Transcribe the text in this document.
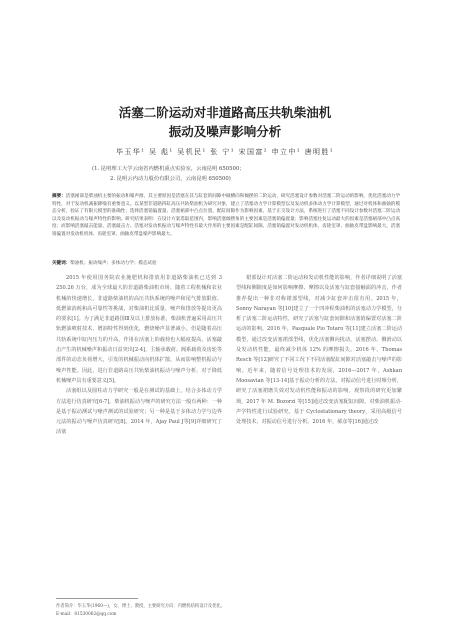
活塞二阶运动对非道路高压共轨柴油机
振动及噪声影响分析
毕玉华¹ 吴 彪¹ 吴机民¹ 张 宁¹ 宋国富² 申立中¹ 唐明胜¹
(1. 昆明理工大学云南省内燃机重点实验室，云南昆明 650500；
2. 昆明云内动力股份有限公司，云南昆明 650500)
摘要：活塞裙部是柴油机主要的振动和噪声源，其主要原因是活塞在其与缸套的间隙中做横向和倾摆的二阶运动，研究活塞设计参数对活塞二阶运动的影响，优化活塞动力学特性，对于发动机减振降噪有重要意义。以某型非道路四缸高压共轨柴油机为研究对象，建立了活塞动力学计算模型以及发动机多体动力学计算模型，通过对机体和曲轴的模态分析，验证了有限元模型的准确性；选择活塞销偏置量、活塞裙部中凸点位置、配缸间隙作为影响因素，基于正交设计方法，系统进行了活塞不同设计参数对活塞二阶运动以及发动机振动与噪声特性的影响。研究结果表明：在设计方案选取范围内，影响活塞倾摆角的主要因素是活塞销偏置量；影响活塞往复运动最大的因素是活塞裙部中凸点高度；而影响活塞敲击能量、活塞敲击力、活塞对发动机振动与噪声特性有最大作用的主要因素是配缸间隙。活塞销偏置对发动机机体、齿轮室罩、曲轴皮带盘影响最大，活塞销偏置对发动机机体、齿轮室罩、曲轴皮带盘噪声影响最大。
关键词：柴油机；振动噪声；多体动力学；模态试验

2015 年使用国务院农业施肥机和排放用非道路柴油机已达到 3 250.26 万台，成为全球最大的非道路柴油机市场。随着工程机械和农业机械的快速增长，非道路柴油机的高压共轨系统的噪声和尾气排放限值、低燃油消耗和高可靠性等挑战，对柴油机比质量、噪声和排放等提出更高的要求[1]。为了满足非道路国Ⅲ及以上排放标准，柴油机普遍采用高压共轨燃油喷射技术，增油特性得到优化，燃烧噪声显著减小。但是随着高压共轨系统中缸内压力的升高，作用在活塞上的载荷也大幅度提高，活塞敲击产生的机械噪声和振动日益突出[2-4]，主轴承载荷、阀系载荷及齿轮等部件的动态负荷增大，引发的机械振动向机体扩散，从而影响整机振动与噪声性能。因此，进行非道路高压共轨柴油机振动与噪声分析，对于降低机械噪声具有重要意义[5]。

活塞组以及圆柱动力学研究一般是在测试的基础上，结合多体动力学方法进行仿真研究[6-7]。柴油机振动与噪声的研究方法一般有两种：一种是基于振动测试与噪声测试的试验研究；另一种是基于多体动力学与边界元法的振动与噪声仿真研究[8]。2014 年，Ajay Paul J等[9]详细研究了活塞

裙部设计对活塞二阶运动和发动机性能的影响，作者详细说明了活塞型线和侧隙度是如何影响摩擦、摩擦以及活塞与缸套接触面的冲击，作者推荐提出一种非对称裙部型线，对减少缸套冲击很有用。2015 年，Sonny Narayan 等[10]建立了一个四冲程柴油机的活塞动力学模型，分析了活塞二阶运动特性，研究了活塞与缸套间隙和活塞销偏置对活塞二阶运动的影响。2016 年，Pasquale Pio Totaro 等[11]建立活塞二阶运动模型，通过改变活塞裙部型线，优化活塞侧向扰动，活塞摆动、侧滑动以及发动机性能，最终减少机体 12% 的摩擦损失。2016 年，Thomas Resch 等[12]研究了不同工况下不同活塞配缸间隙对活塞敲击与噪声的影响。近年来，随着信号处理技术的发展，2016—2017 年，Ashkan Moosavian 等[13-14]基于振动分析的方法，对振动信号进行时频分析，研究了活塞裙磨失效对发动机性能和振动的影响。观察段的研究更加繁琐，2017 年 M. Bozorzi 等[15]通过改变活塞配缸间隙，对柴油机振动-声学特性进行试验研究。基于 Cyclostationary theory，采用高级信号处理技术，对振动信号进行分析。2016 年，郝彦等[16]通过改

作者简介：毕玉华(1960—)，女，博士，教授，主要研究方向：内燃机结构设计及优化。
E-mail：81530062@qq.com
